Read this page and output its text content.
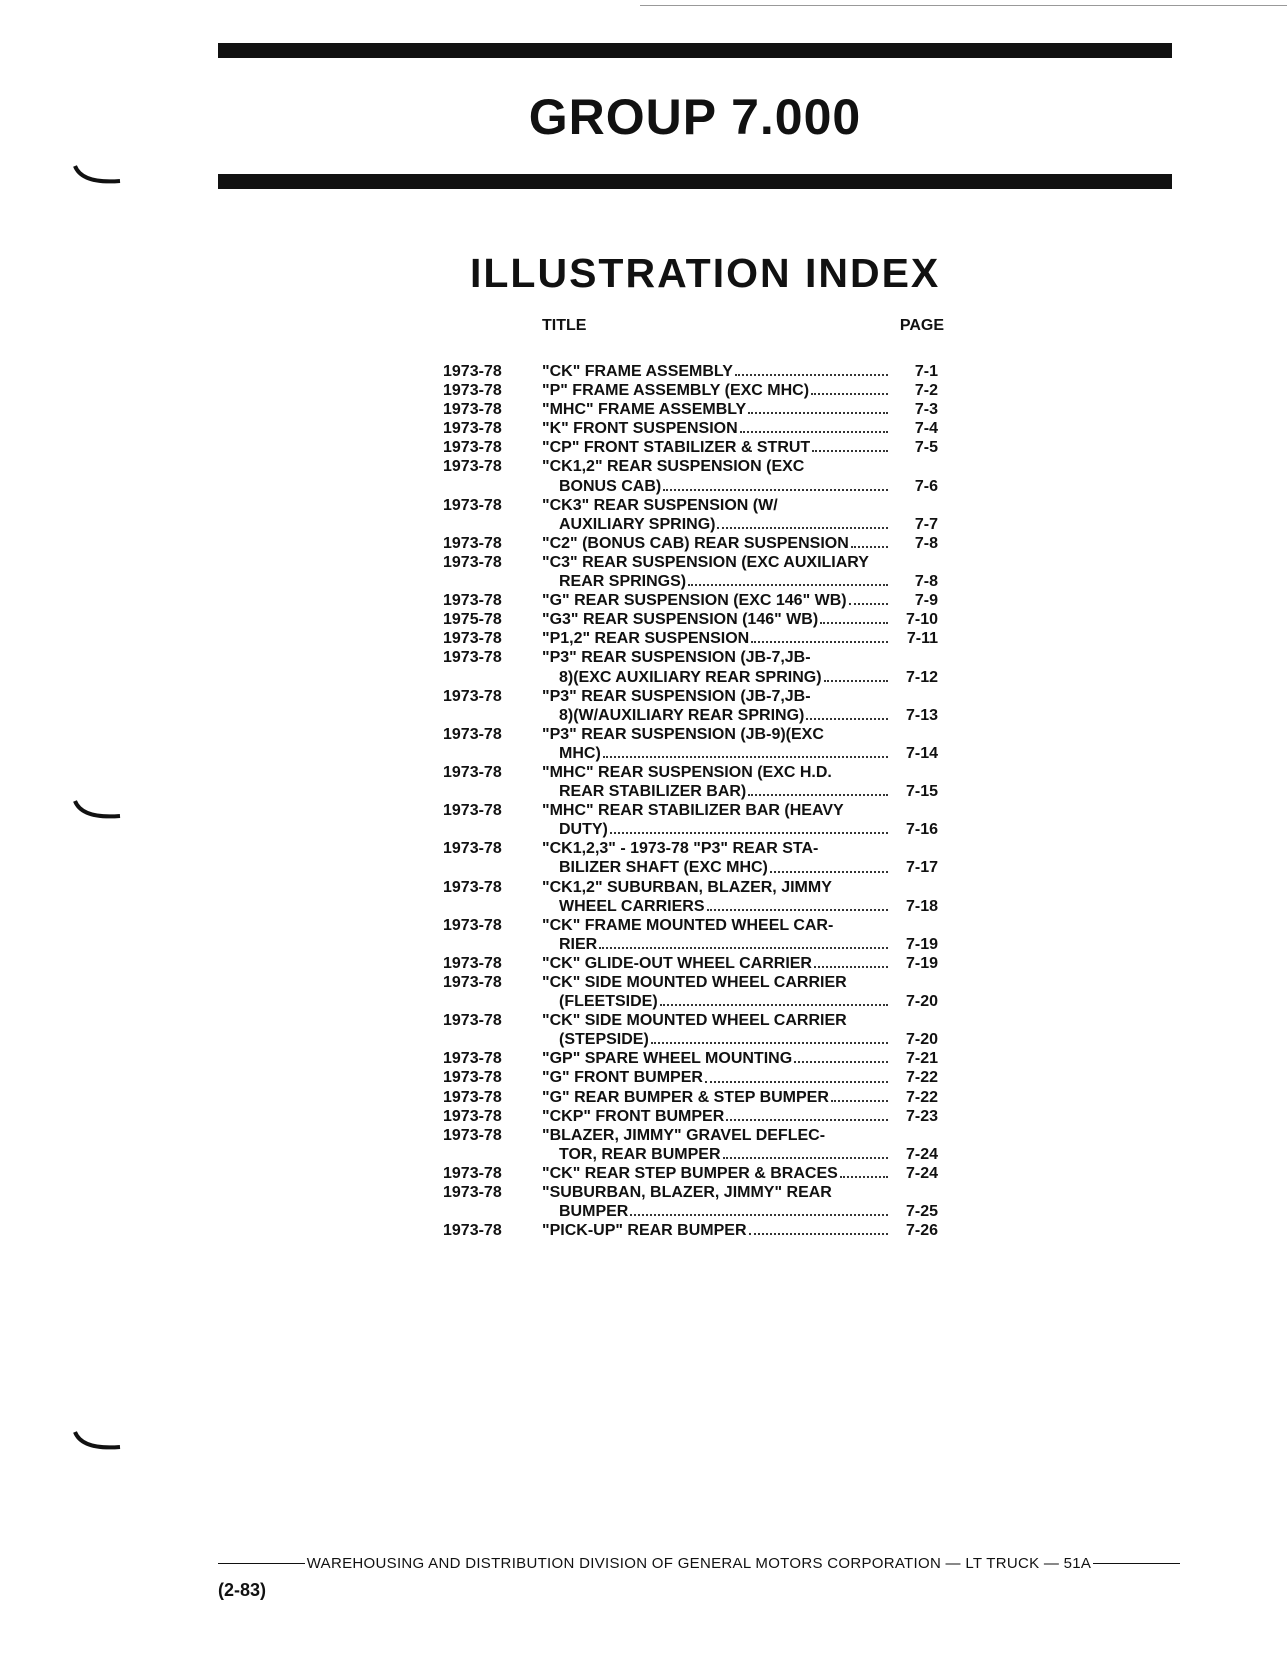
GROUP 7.000
ILLUSTRATION INDEX
TITLE	PAGE
1973-78	"CK" FRAME ASSEMBLY	7-1
1973-78	"P" FRAME ASSEMBLY (EXC MHC)	7-2
1973-78	"MHC" FRAME ASSEMBLY	7-3
1973-78	"K" FRONT SUSPENSION	7-4
1973-78	"CP" FRONT STABILIZER & STRUT	7-5
1973-78	"CK1,2" REAR SUSPENSION (EXC
BONUS CAB)	7-6
1973-78	"CK3" REAR SUSPENSION (W/
AUXILIARY SPRING)	7-7
1973-78	"C2" (BONUS CAB) REAR SUSPENSION	7-8
1973-78	"C3" REAR SUSPENSION (EXC AUXILIARY
REAR SPRINGS)	7-8
1973-78	"G" REAR SUSPENSION (EXC 146" WB)	7-9
1975-78	"G3" REAR SUSPENSION (146" WB)	7-10
1973-78	"P1,2" REAR SUSPENSION	7-11
1973-78	"P3" REAR SUSPENSION (JB-7,JB-
8)(EXC AUXILIARY REAR SPRING)	7-12
1973-78	"P3" REAR SUSPENSION (JB-7,JB-
8)(W/AUXILIARY REAR SPRING)	7-13
1973-78	"P3" REAR SUSPENSION (JB-9)(EXC
MHC)	7-14
1973-78	"MHC" REAR SUSPENSION (EXC H.D.
REAR STABILIZER BAR)	7-15
1973-78	"MHC" REAR STABILIZER BAR (HEAVY
DUTY)	7-16
1973-78	"CK1,2,3" - 1973-78 "P3" REAR STA-
BILIZER SHAFT (EXC MHC)	7-17
1973-78	"CK1,2" SUBURBAN, BLAZER, JIMMY
WHEEL CARRIERS	7-18
1973-78	"CK" FRAME MOUNTED WHEEL CAR-
RIER	7-19
1973-78	"CK" GLIDE-OUT WHEEL CARRIER	7-19
1973-78	"CK" SIDE MOUNTED WHEEL CARRIER
(FLEETSIDE)	7-20
1973-78	"CK" SIDE MOUNTED WHEEL CARRIER
(STEPSIDE)	7-20
1973-78	"GP" SPARE WHEEL MOUNTING	7-21
1973-78	"G" FRONT BUMPER	7-22
1973-78	"G" REAR BUMPER & STEP BUMPER	7-22
1973-78	"CKP" FRONT BUMPER	7-23
1973-78	"BLAZER, JIMMY" GRAVEL DEFLEC-
TOR, REAR BUMPER	7-24
1973-78	"CK" REAR STEP BUMPER & BRACES	7-24
1973-78	"SUBURBAN, BLAZER, JIMMY" REAR
BUMPER	7-25
1973-78	"PICK-UP" REAR BUMPER	7-26
WAREHOUSING AND DISTRIBUTION DIVISION OF GENERAL MOTORS CORPORATION — LT TRUCK — 51A
(2-83)
